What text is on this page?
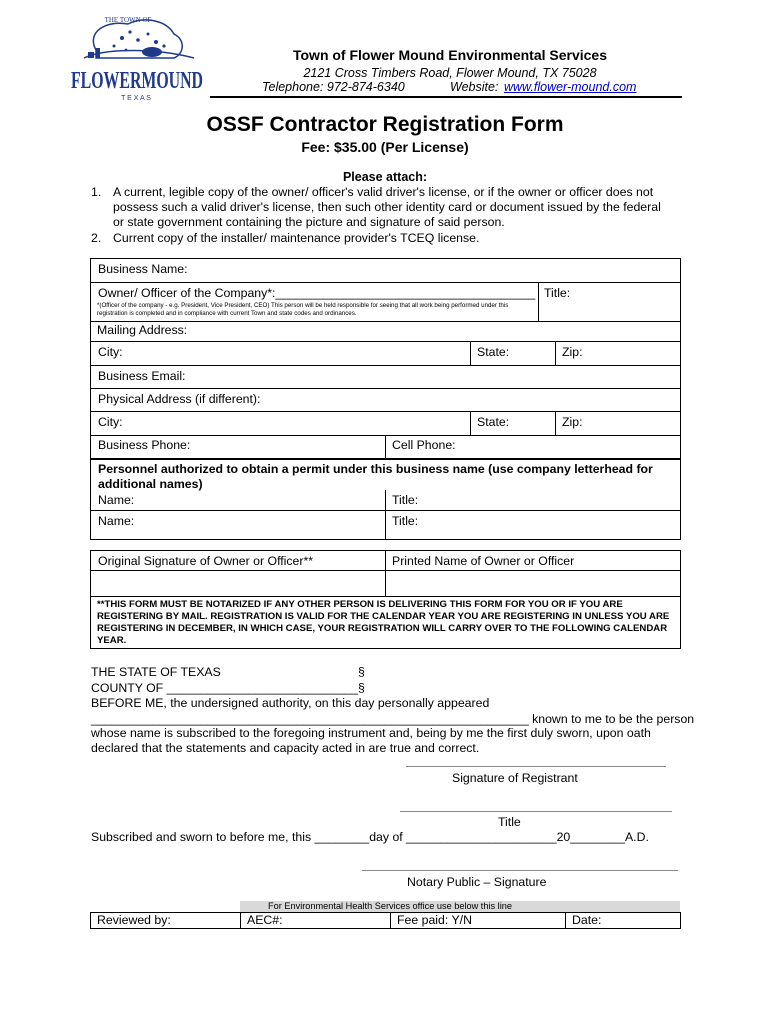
FLOWERMOUND
T E X A S
THE TOWN OF
Town of Flower Mound Environmental Services
2121 Cross Timbers Road, Flower Mound, TX 75028
Telephone: 972-874-6340	Website: www.flower-mound.com
OSSF Contractor Registration Form
Fee: $35.00 (Per License)
Please attach:
1. A current, legible copy of the owner/ officer's valid driver's license, or if the owner or officer does not possess such a valid driver's license, then such other identity card or document issued by the federal or state government containing the picture and signature of said person.
2. Current copy of the installer/ maintenance provider's TCEQ license.
Business Name:
Owner/ Officer of the Company*:______________________________________ Title:
*(Officer of the company - e.g. President, Vice President, CEO) This person will be held responsible for seeing that all work being performed under this registration is completed and in compliance with current Town and state codes and ordinances.
Mailing Address:
City:	State:	Zip:
Business Email:
Physical Address (if different):
City:	State:	Zip:
Business Phone:	Cell Phone:
Personnel authorized to obtain a permit under this business name (use company letterhead for additional names)
Name:	Title:
Name:	Title:
Original Signature of Owner or Officer**	Printed Name of Owner or Officer
**THIS FORM MUST BE NOTARIZED IF ANY OTHER PERSON IS DELIVERING THIS FORM FOR YOU OR IF YOU ARE REGISTERING BY MAIL. REGISTRATION IS VALID FOR THE CALENDAR YEAR YOU ARE REGISTERING IN UNLESS YOU ARE REGISTERING IN DECEMBER, IN WHICH CASE, YOUR REGISTRATION WILL CARRY OVER TO THE FOLLOWING CALENDAR YEAR.
THE STATE OF TEXAS	§
COUNTY OF ____________________________ §
BEFORE ME, the undersigned authority, on this day personally appeared
________________________________________________________________ known to me to be the person
whose name is subscribed to the foregoing instrument and, being by me the first duly sworn, upon oath
declared that the statements and capacity acted in are true and correct.
Signature of Registrant
Title
Subscribed and sworn to before me, this ________day of ______________________20________A.D.
Notary Public – Signature
For Environmental Health Services office use below this line
Reviewed by:	AEC#:	Fee paid: Y/N	Date:
